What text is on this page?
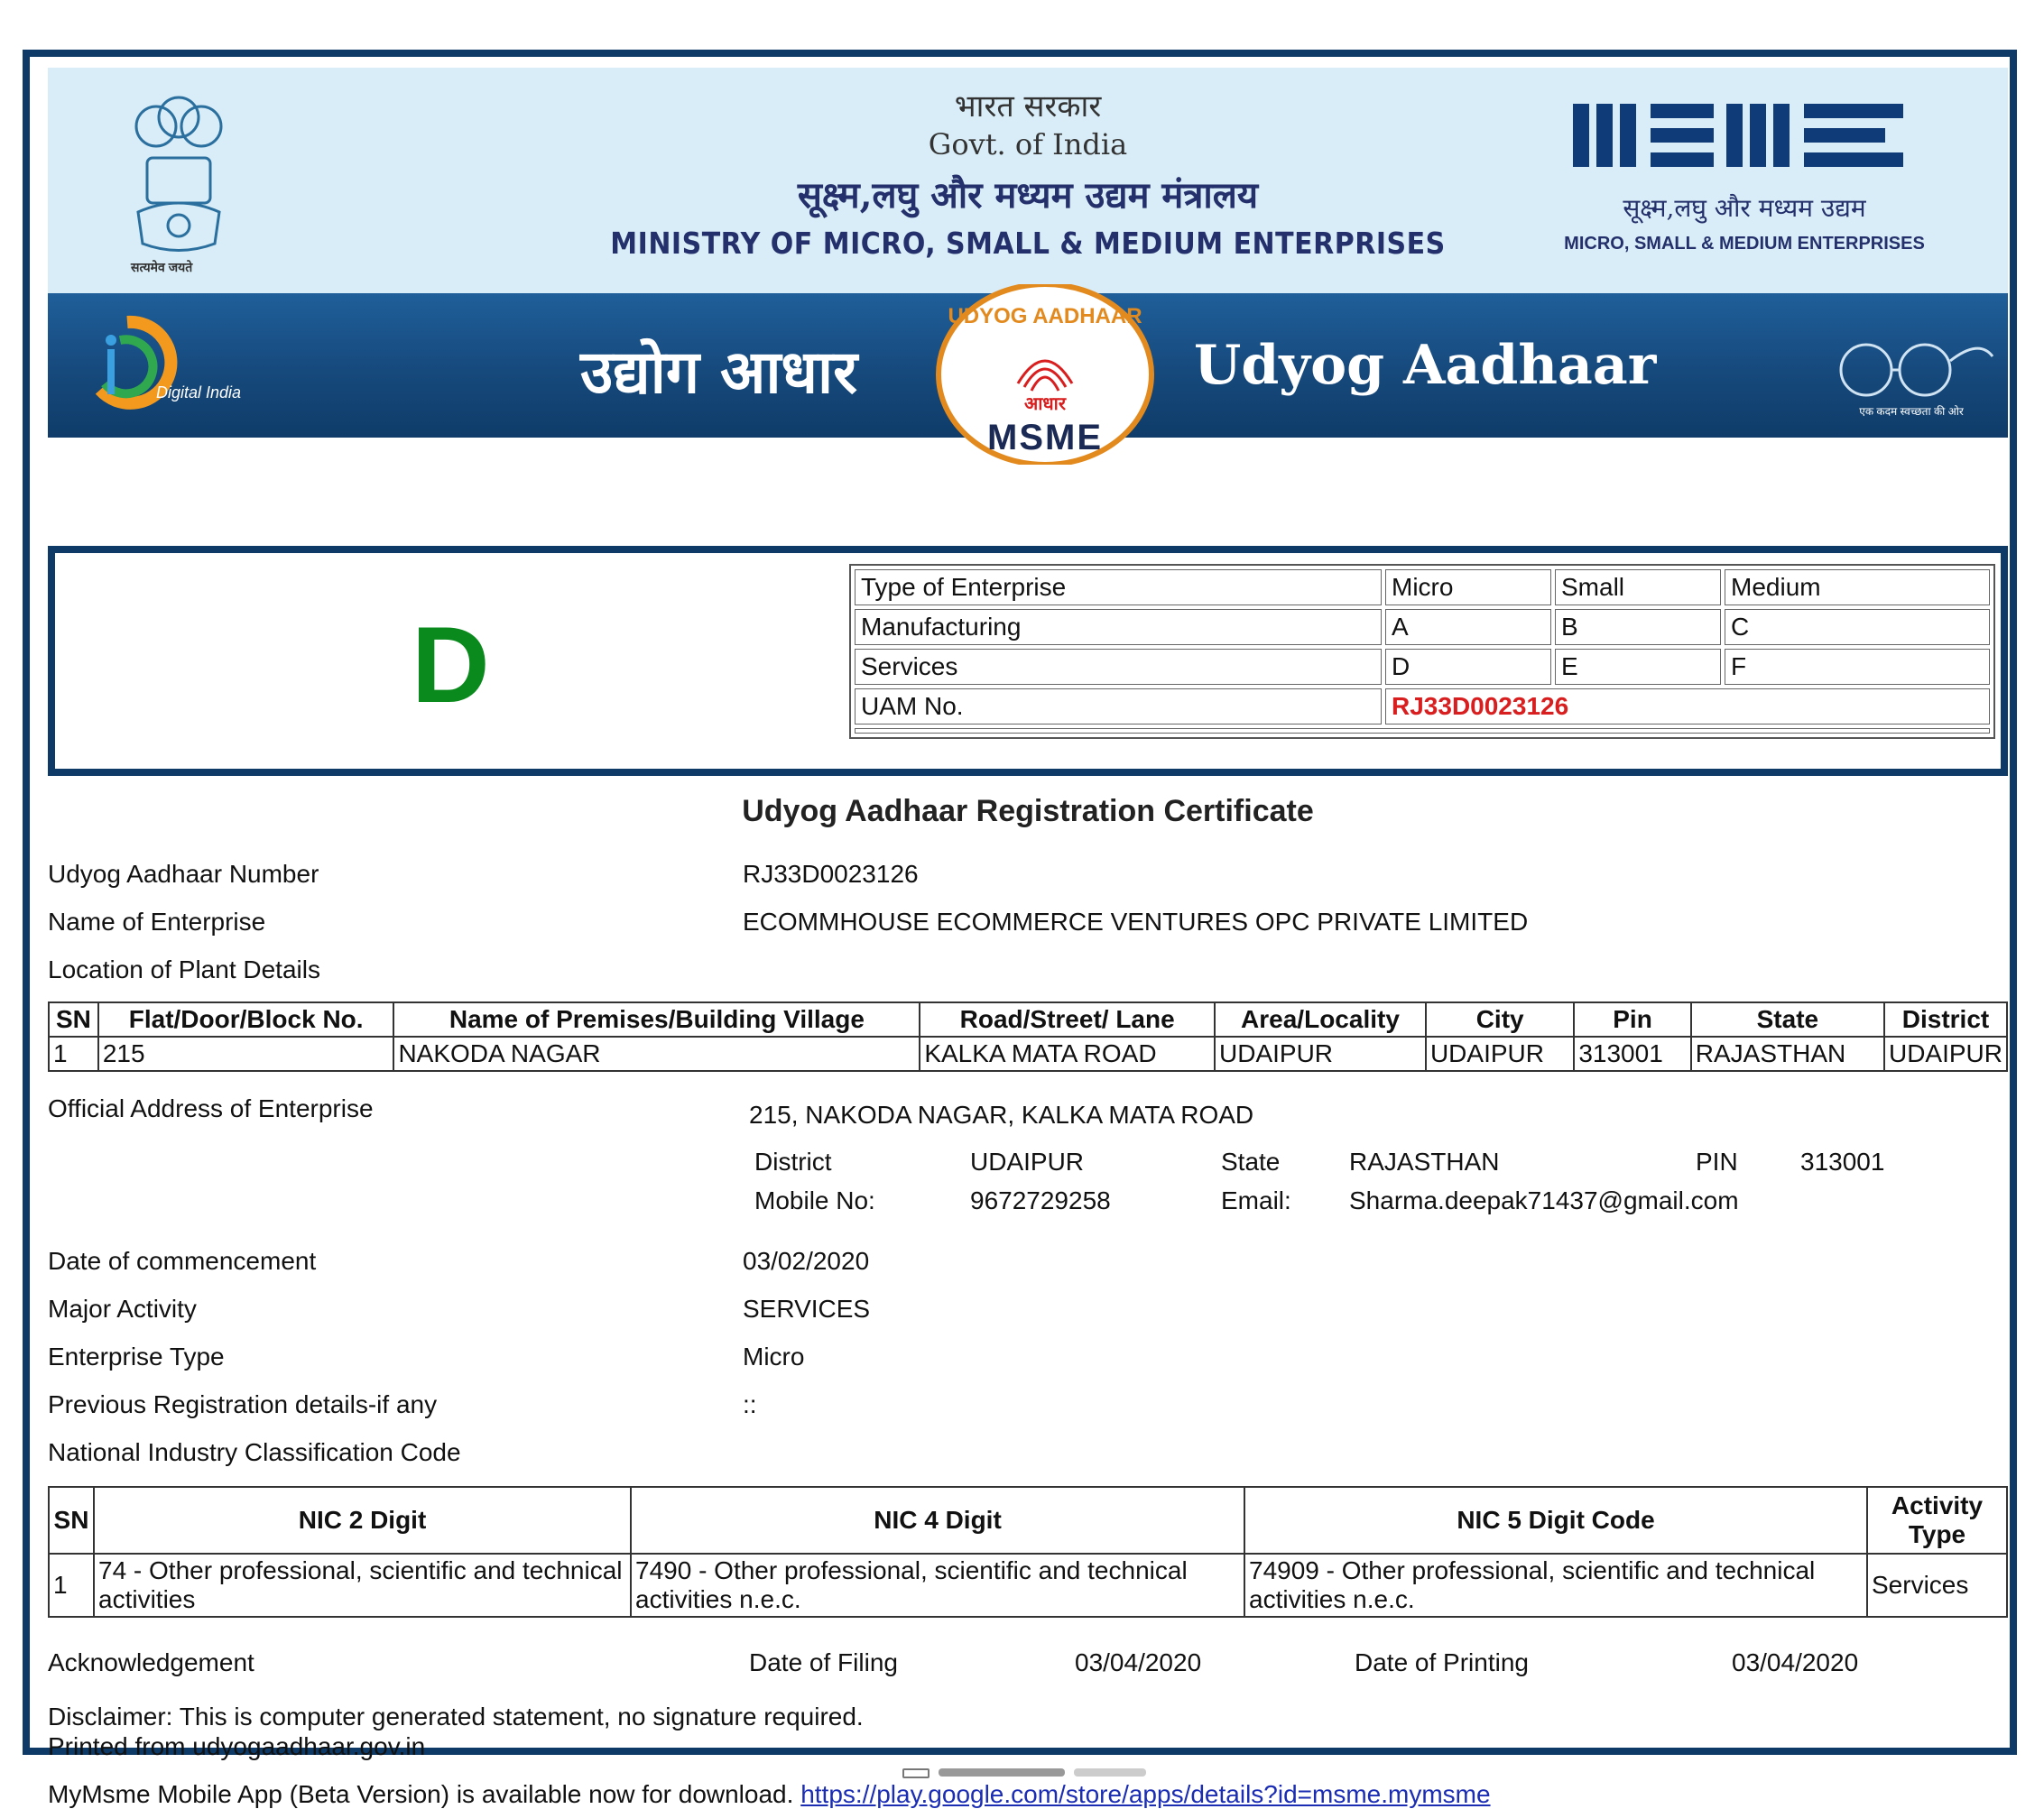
सत्यमेव जयते
भारत सरकार
Govt. of India
सूक्ष्म,लघु और मध्यम उद्यम मंत्रालय
MINISTRY OF MICRO, SMALL & MEDIUM ENTERPRISES
सूक्ष्म,लघु और मध्यम उद्यम
MICRO, SMALL & MEDIUM ENTERPRISES
Digital India	उद्योग आधार	Udyog Aadhaar
UDYOG AADHAAR
आधार
MSME
एक कदम स्वच्छता की ओर
D
Type of Enterprise	Micro	Small	Medium
Manufacturing	A	B	C
Services	D	E	F
UAM No.	RJ33D0023126		

Udyog Aadhaar Registration Certificate
Udyog Aadhaar Number	RJ33D0023126
Name of Enterprise	ECOMMHOUSE ECOMMERCE VENTURES OPC PRIVATE LIMITED
Location of Plant Details
SN	Flat/Door/Block No.	Name of Premises/Building Village	Road/Street/ Lane	Area/Locality	City	Pin	State	District
1	215	NAKODA NAGAR	KALKA MATA ROAD	UDAIPUR	UDAIPUR	313001	RAJASTHAN	UDAIPUR
Official Address of Enterprise	215, NAKODA NAGAR, KALKA MATA ROAD
District	UDAIPUR	State	RAJASTHAN	PIN 313001
Mobile No:	9672729258	Email: Sharma.deepak71437@gmail.com
Date of commencement	03/02/2020
Major Activity	SERVICES
Enterprise Type	Micro
Previous Registration details-if any	::
National Industry Classification Code
SN	NIC 2 Digit	NIC 4 Digit	NIC 5 Digit Code	Activity Type
1	74 - Other professional, scientific and technical activities	7490 - Other professional, scientific and technical activities n.e.c.	74909 - Other professional, scientific and technical activities n.e.c.	Services
Acknowledgement	Date of Filing	03/04/2020	Date of Printing	03/04/2020
Disclaimer: This is computer generated statement, no signature required.
Printed from udyogaadhaar.gov.in
MyMsme Mobile App (Beta Version) is available now for download. https://play.google.com/store/apps/details?id=msme.mymsme
